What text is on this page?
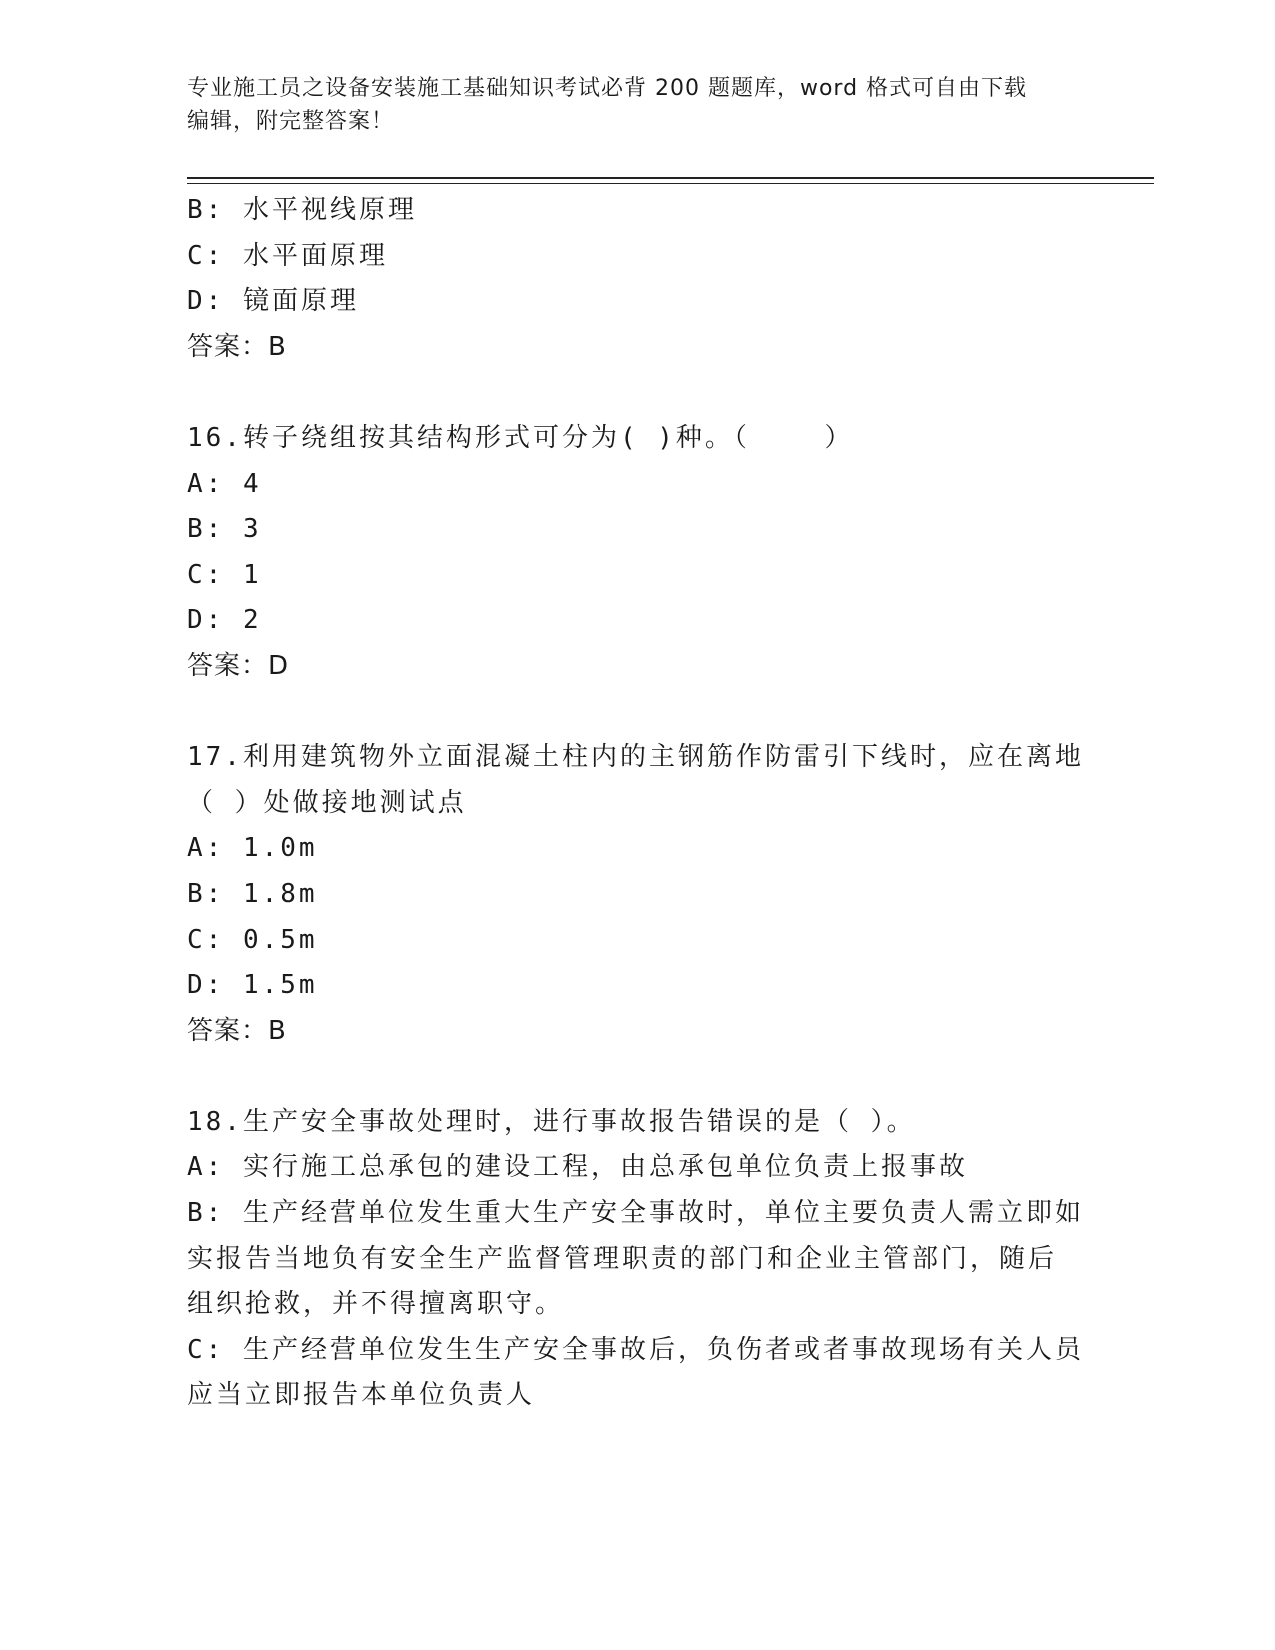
专业施工员之设备安装施工基础知识考试必背 200 题题库，word 格式可自由下载
编辑，附完整答案！
B: 水平视线原理
C: 水平面原理
D: 镜面原理
答案：B
16.转子绕组按其结构形式可分为( )种。（    ）
A: 4
B: 3
C: 1
D: 2
答案：D
17.利用建筑物外立面混凝土柱内的主钢筋作防雷引下线时，应在离地
（ ）处做接地测试点
A: 1.0m
B: 1.8m
C: 0.5m
D: 1.5m
答案：B
18.生产安全事故处理时，进行事故报告错误的是（ ）。
A: 实行施工总承包的建设工程，由总承包单位负责上报事故
B: 生产经营单位发生重大生产安全事故时，单位主要负责人需立即如
实报告当地负有安全生产监督管理职责的部门和企业主管部门，随后
组织抢救，并不得擅离职守。
C: 生产经营单位发生生产安全事故后，负伤者或者事故现场有关人员
应当立即报告本单位负责人
